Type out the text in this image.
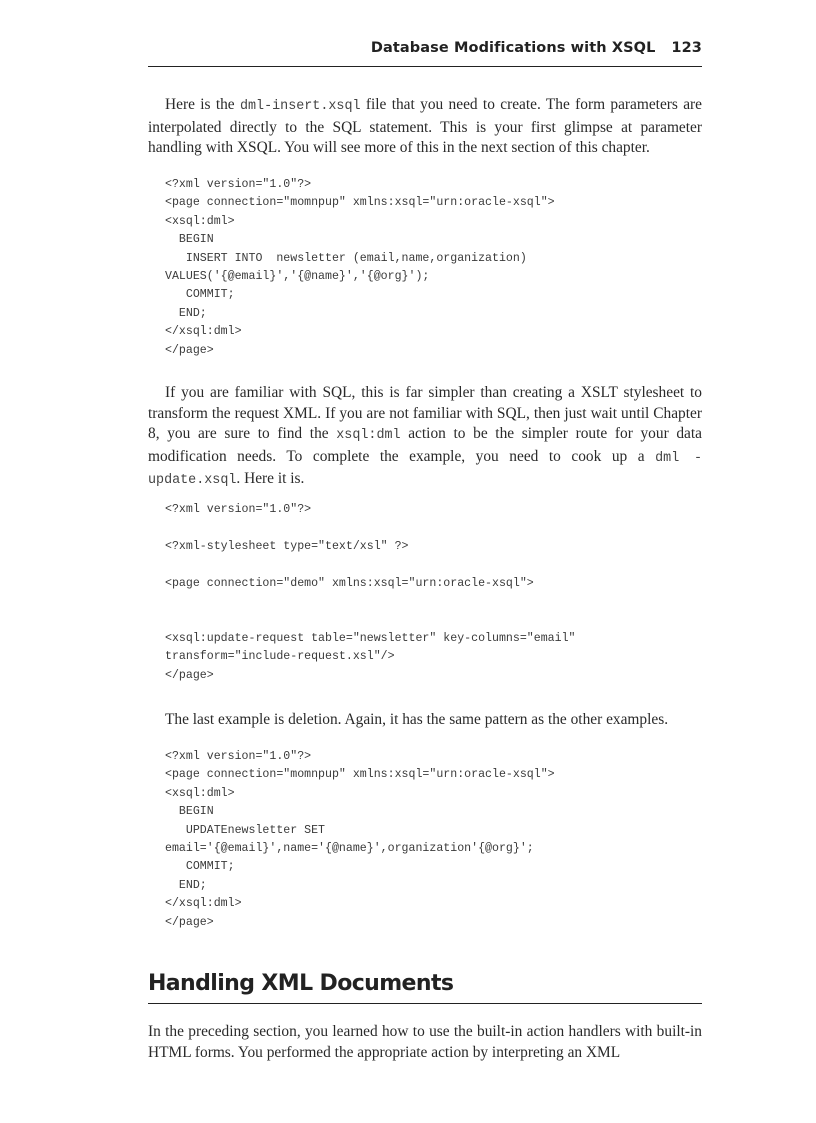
Database Modifications with XSQL 123

Here is the dml-insert.xsql file that you need to create. The form parameters are interpolated directly to the SQL statement. This is your first glimpse at parameter handling with XSQL. You will see more of this in the next section of this chapter.

<?xml version="1.0"?>
<page connection="momnpup" xmlns:xsql="urn:oracle-xsql">
<xsql:dml>
BEGIN
INSERT INTO  newsletter (email,name,organization)
VALUES('{@email}','{@name}','{@org}');
COMMIT;
END;
</xsql:dml>
</page>

If you are familiar with SQL, this is far simpler than creating a XSLT stylesheet to transform the request XML. If you are not familiar with SQL, then just wait until Chapter 8, you are sure to find the xsql:dml action to be the simpler route for your data modification needs. To complete the example, you need to cook up a dml -update.xsql. Here it is.

<?xml version="1.0"?>

<?xml-stylesheet type="text/xsl" ?>

<page connection="demo" xmlns:xsql="urn:oracle-xsql">

<xsql:update-request table="newsletter" key-columns="email"
transform="include-request.xsl"/>
</page>

The last example is deletion. Again, it has the same pattern as the other examples.

<?xml version="1.0"?>
<page connection="momnpup" xmlns:xsql="urn:oracle-xsql">
<xsql:dml>
BEGIN
UPDATEnewsletter SET
email='{@email}',name='{@name}',organization'{@org}';
COMMIT;
END;
</xsql:dml>
</page>
Handling XML Documents

In the preceding section, you learned how to use the built-in action handlers with built-in HTML forms. You performed the appropriate action by interpreting an XML
